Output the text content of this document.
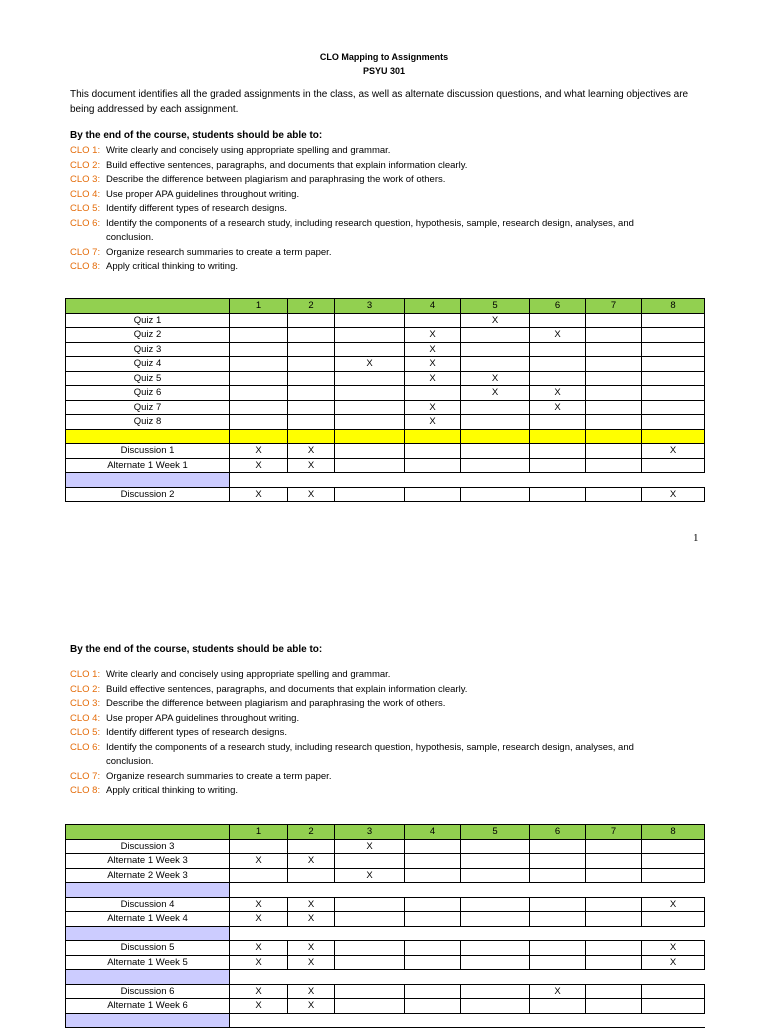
CLO Mapping to Assignments
PSYU 301
This document identifies all the graded assignments in the class, as well as alternate discussion questions, and what learning objectives are being addressed by each assignment.
By the end of the course, students should be able to:
CLO 1: Write clearly and concisely using appropriate spelling and grammar.
CLO 2: Build effective sentences, paragraphs, and documents that explain information clearly.
CLO 3: Describe the difference between plagiarism and paraphrasing the work of others.
CLO 4: Use proper APA guidelines throughout writing.
CLO 5: Identify different types of research designs.
CLO 6: Identify the components of a research study, including research question, hypothesis, sample, research design, analyses, and
conclusion.
CLO 7: Organize research summaries to create a term paper.
CLO 8: Apply critical thinking to writing.
	1	2	3	4	5	6	7	8
Quiz 1					X			
Quiz 2				X		X		
Quiz 3				X				
Quiz 4			X	X				
Quiz 5				X	X			
Quiz 6					X	X		
Quiz 7				X		X		
Quiz 8				X				

Discussion 1	X	X						X
Alternate 1 Week 1	X	X						

Discussion 2	X	X						X
1
By the end of the course, students should be able to:
CLO 1: Write clearly and concisely using appropriate spelling and grammar.
CLO 2: Build effective sentences, paragraphs, and documents that explain information clearly.
CLO 3: Describe the difference between plagiarism and paraphrasing the work of others.
CLO 4: Use proper APA guidelines throughout writing.
CLO 5: Identify different types of research designs.
CLO 6: Identify the components of a research study, including research question, hypothesis, sample, research design, analyses, and
conclusion.
CLO 7: Organize research summaries to create a term paper.
CLO 8: Apply critical thinking to writing.
	1	2	3	4	5	6	7	8
Discussion 3			X					
Alternate 1 Week 3	X	X						
Alternate 2 Week 3			X					

Discussion 4	X	X						X
Alternate 1 Week 4	X	X						

Discussion 5	X	X						X
Alternate 1 Week 5	X	X						X

Discussion 6	X	X				X		
Alternate 1 Week 6	X	X						
